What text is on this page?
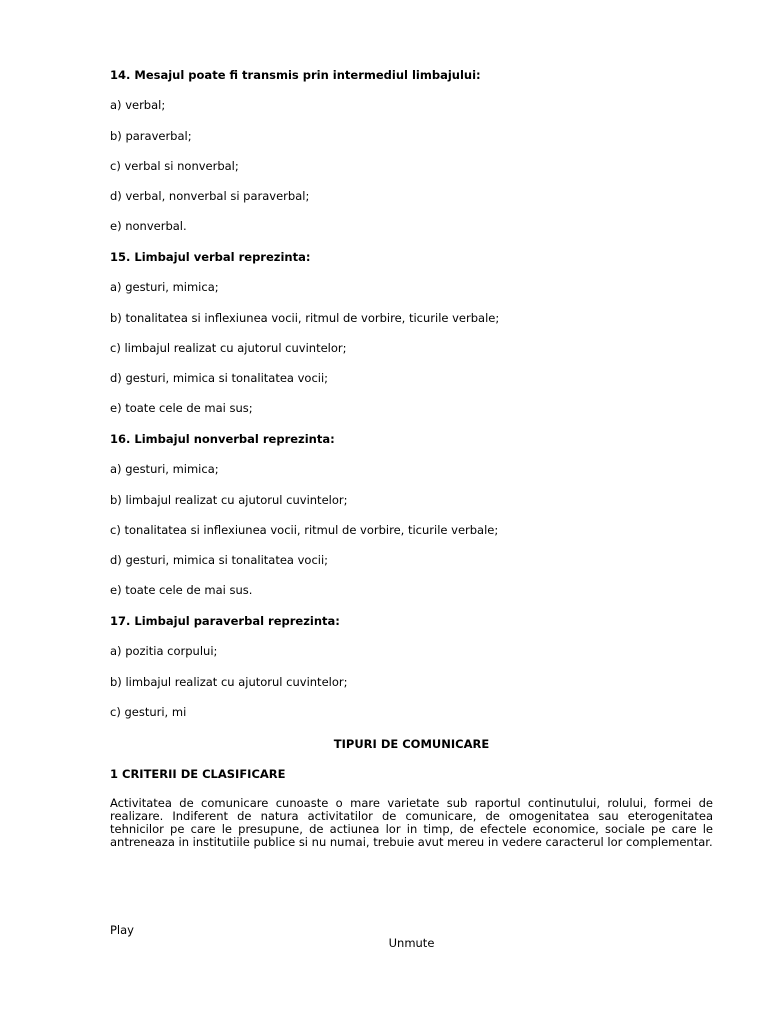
14. Mesajul poate fi transmis prin intermediul limbajului:
a) verbal;
b) paraverbal;
c) verbal si nonverbal;
d) verbal, nonverbal si paraverbal;
e) nonverbal.
15. Limbajul verbal reprezinta:
a) gesturi, mimica;
b) tonalitatea si inflexiunea vocii, ritmul de vorbire, ticurile verbale;
c) limbajul realizat cu ajutorul cuvintelor;
d) gesturi, mimica si tonalitatea vocii;
e) toate cele de mai sus;
16. Limbajul nonverbal reprezinta:
a) gesturi, mimica;
b) limbajul realizat cu ajutorul cuvintelor;
c) tonalitatea si inflexiunea vocii, ritmul de vorbire, ticurile verbale;
d) gesturi, mimica si tonalitatea vocii;
e) toate cele de mai sus.
17. Limbajul paraverbal reprezinta:
a) pozitia corpului;
b) limbajul realizat cu ajutorul cuvintelor;
c) gesturi, mi
TIPURI DE COMUNICARE
1 CRITERII DE CLASIFICARE
Activitatea de comunicare cunoaste o mare varietate sub raportul continutului, rolului, formei de realizare. Indiferent de natura activitatilor de comunicare, de omogenitatea sau eterogenitatea tehnicilor pe care le presupune, de actiunea lor in timp, de efectele economice, sociale pe care le antreneaza in institutiile publice si nu numai, trebuie avut mereu in vedere caracterul lor complementar.
Play
Unmute
